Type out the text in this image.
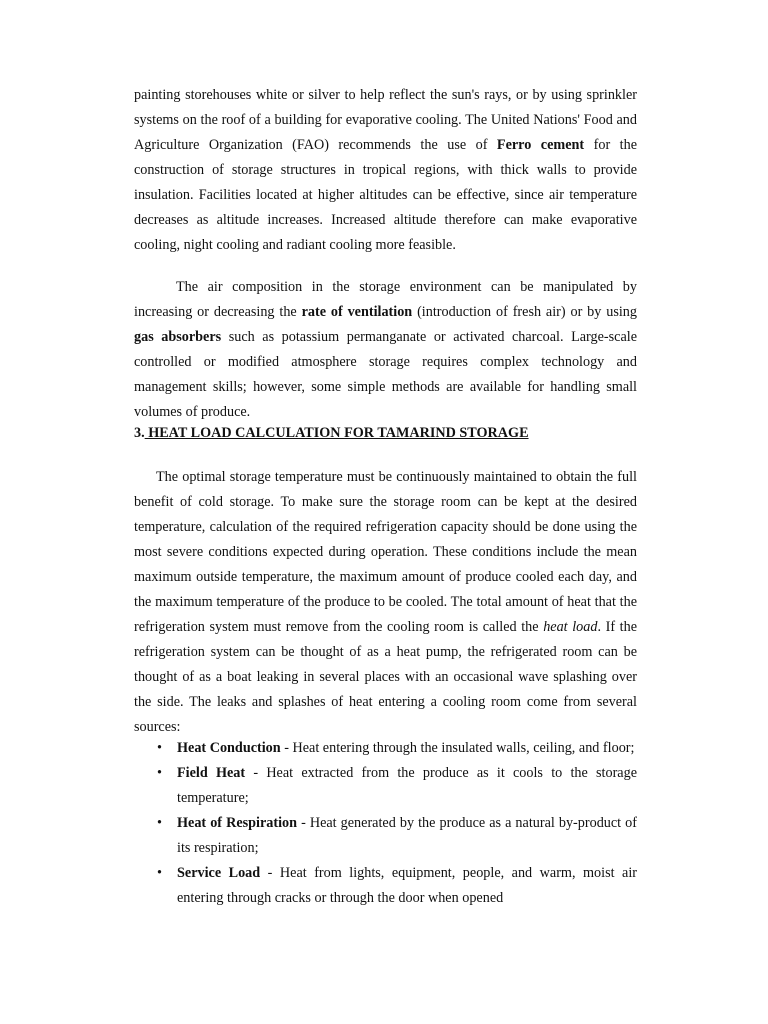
painting storehouses white or silver to help reflect the sun's rays, or by using sprinkler systems on the roof of a building for evaporative cooling. The United Nations' Food and Agriculture Organization (FAO) recommends the use of Ferro cement for the construction of storage structures in tropical regions, with thick walls to provide insulation. Facilities located at higher altitudes can be effective, since air temperature decreases as altitude increases. Increased altitude therefore can make evaporative cooling, night cooling and radiant cooling more feasible.

The air composition in the storage environment can be manipulated by increasing or decreasing the rate of ventilation (introduction of fresh air) or by using gas absorbers such as potassium permanganate or activated charcoal. Large-scale controlled or modified atmosphere storage requires complex technology and management skills; however, some simple methods are available for handling small volumes of produce.

3. HEAT LOAD CALCULATION FOR TAMARIND STORAGE

The optimal storage temperature must be continuously maintained to obtain the full benefit of cold storage. To make sure the storage room can be kept at the desired temperature, calculation of the required refrigeration capacity should be done using the most severe conditions expected during operation. These conditions include the mean maximum outside temperature, the maximum amount of produce cooled each day, and the maximum temperature of the produce to be cooled. The total amount of heat that the refrigeration system must remove from the cooling room is called the heat load. If the refrigeration system can be thought of as a heat pump, the refrigerated room can be thought of as a boat leaking in several places with an occasional wave splashing over the side. The leaks and splashes of heat entering a cooling room come from several sources:

• Heat Conduction - Heat entering through the insulated walls, ceiling, and floor;
• Field Heat - Heat extracted from the produce as it cools to the storage temperature;
• Heat of Respiration - Heat generated by the produce as a natural by-product of its respiration;
• Service Load - Heat from lights, equipment, people, and warm, moist air entering through cracks or through the door when opened
